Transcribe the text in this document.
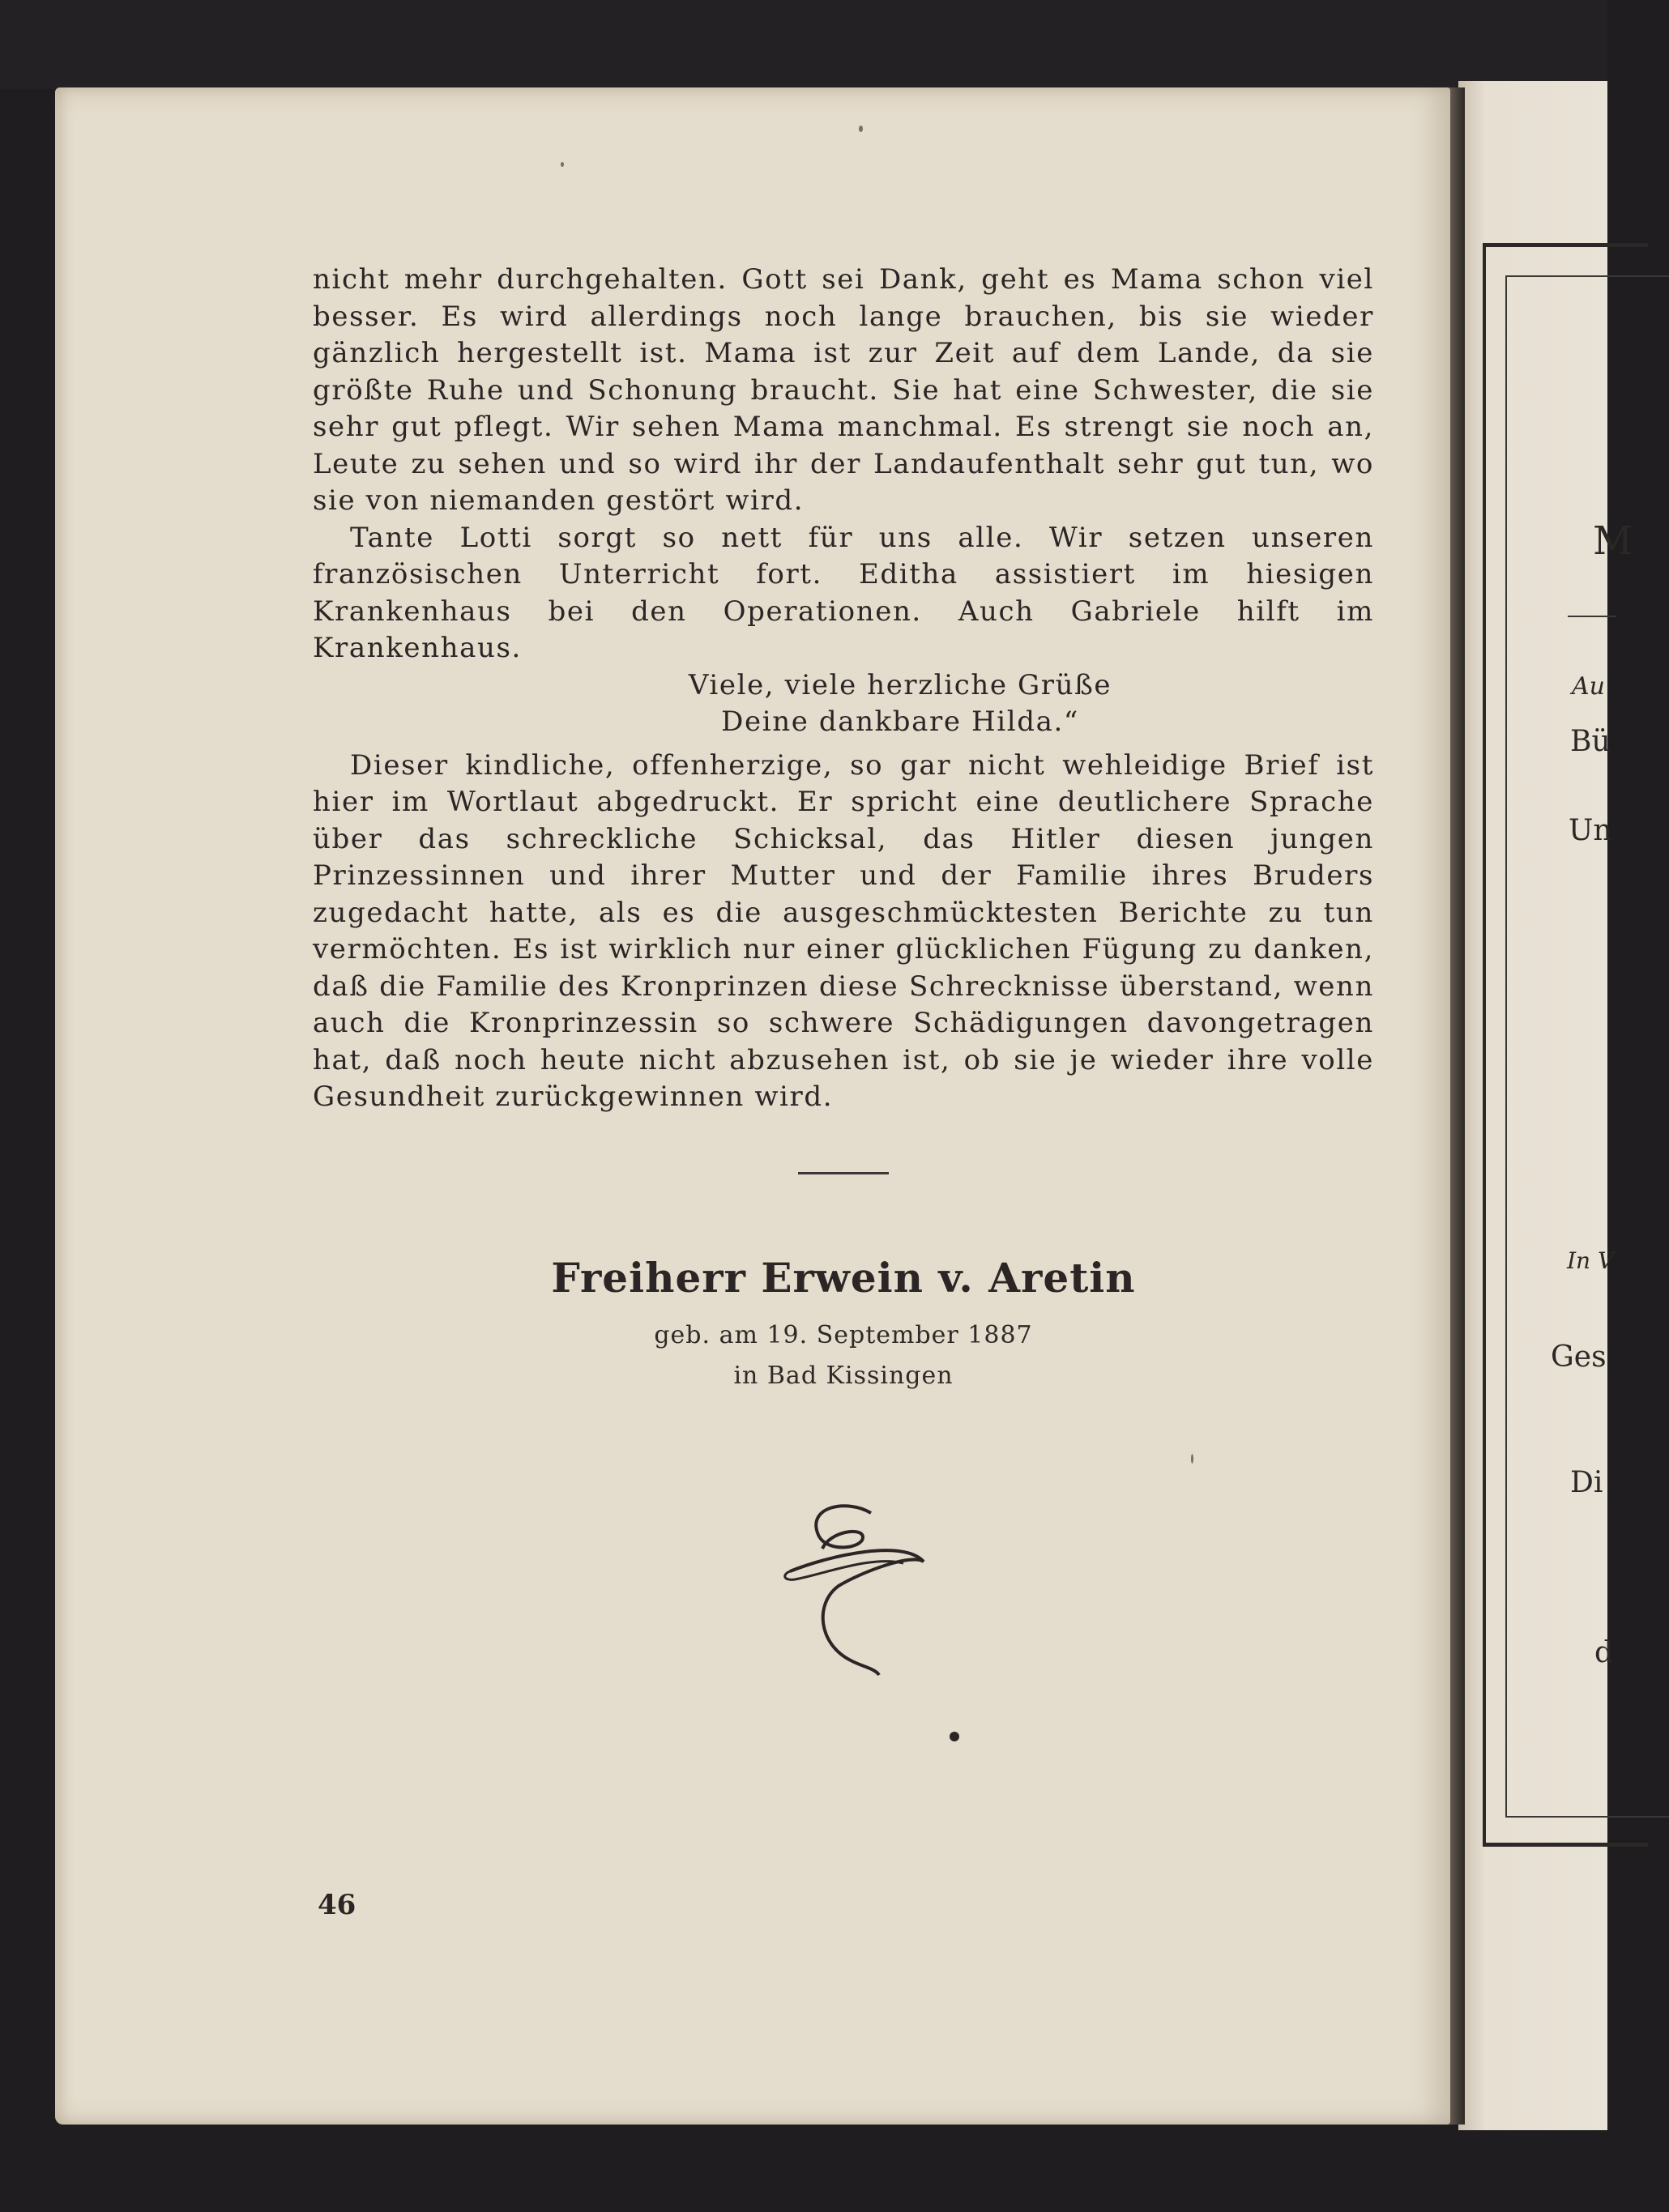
M
Au
Bü
Un
In V
Ges
Di
d

nicht mehr durchgehalten. Gott sei Dank, geht es Mama schon viel besser. Es wird allerdings noch lange brauchen, bis sie wieder gänzlich hergestellt ist. Mama ist zur Zeit auf dem Lande, da sie größte Ruhe und Schonung braucht. Sie hat eine Schwester, die sie sehr gut pflegt. Wir sehen Mama manchmal. Es strengt sie noch an, Leute zu sehen und so wird ihr der Landaufenthalt sehr gut tun, wo sie von niemanden gestört wird.

Tante Lotti sorgt so nett für uns alle. Wir setzen unseren französischen Unterricht fort. Editha assistiert im hiesigen Krankenhaus bei den Operationen. Auch Gabriele hilft im Krankenhaus.

Viele, viele herzliche Grüße

Deine dankbare Hilda.“

Dieser kindliche, offenherzige, so gar nicht wehleidige Brief ist hier im Wortlaut abgedruckt. Er spricht eine deutlichere Sprache über das schreckliche Schicksal, das Hitler diesen jungen Prinzessinnen und ihrer Mutter und der Familie ihres Bruders zugedacht hatte, als es die ausgeschmücktesten Berichte zu tun vermöchten. Es ist wirklich nur einer glücklichen Fügung zu danken, daß die Familie des Kronprinzen diese Schrecknisse überstand, wenn auch die Kronprinzessin so schwere Schädigungen davongetragen hat, daß noch heute nicht abzusehen ist, ob sie je wieder ihre volle Gesundheit zurückgewinnen wird.

Freiherr Erwein v. Aretin
geb. am 19. September 1887
in Bad Kissingen
E
46
